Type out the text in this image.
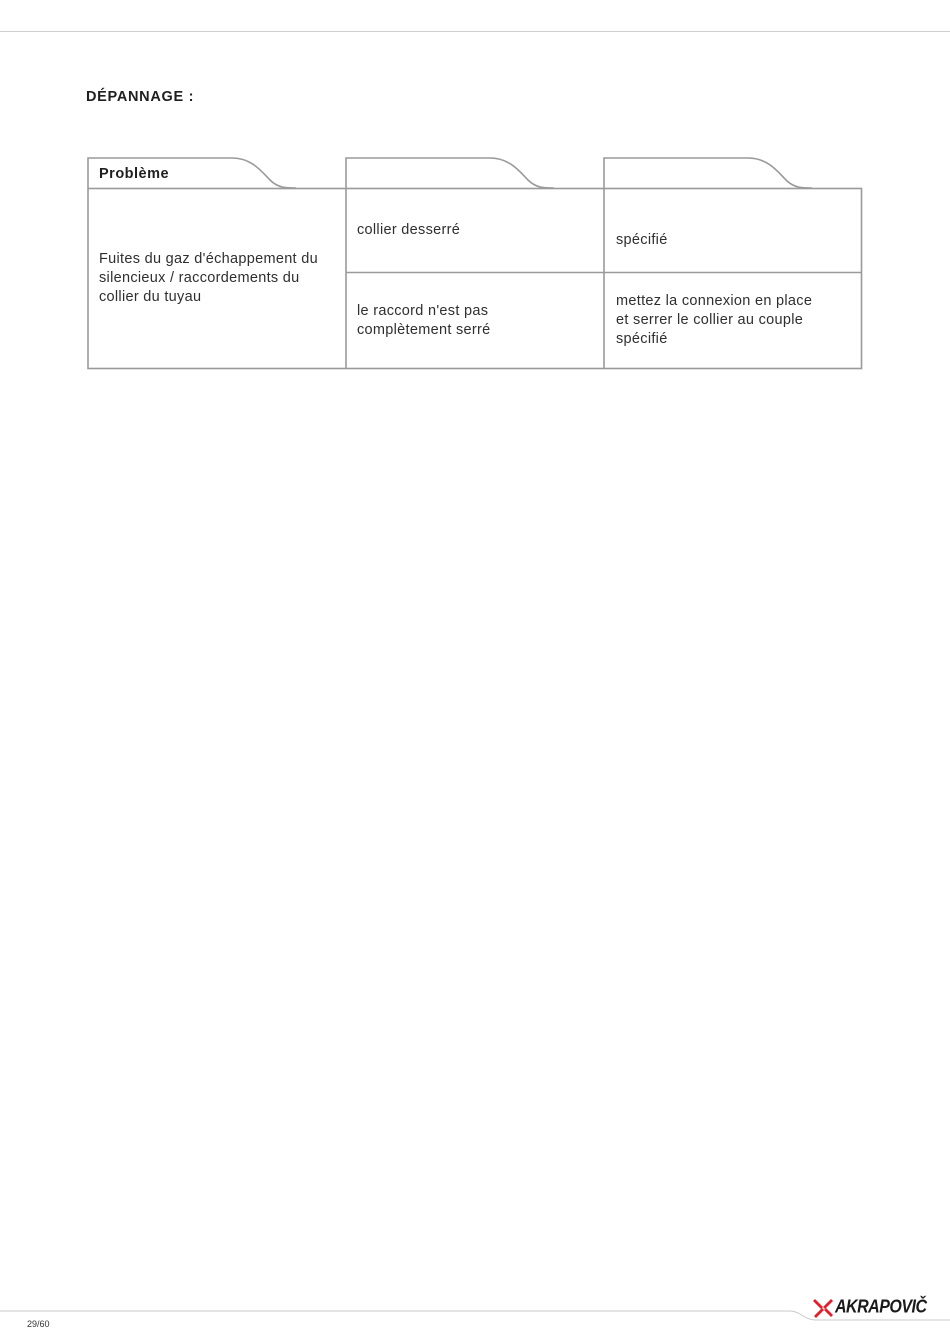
DÉPANNAGE :
Problème
Fuites du gaz d'échappement du
silencieux / raccordements du
collier du tuyau
collier desserré
spécifié
le raccord n'est pas
complètement serré
mettez la connexion en place
et serrer le collier au couple
spécifié
29/60
AKRAPOVIČ
